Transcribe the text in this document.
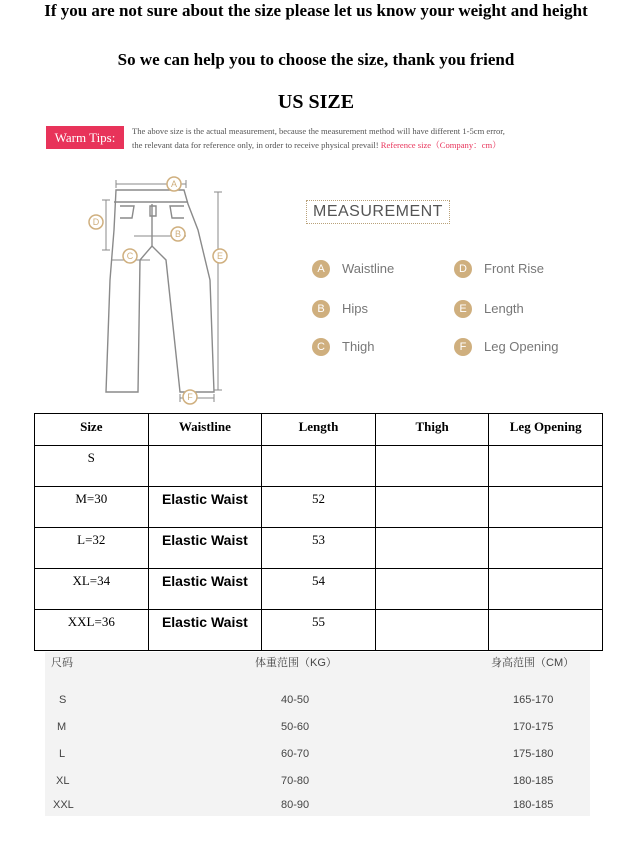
If you are not sure about the size please let us know your weight and height
So we can help you to choose the size, thank you friend
US SIZE
Warm Tips:	The above size is the actual measurement, because the measurement method will have different 1-5cm error,
the relevant data for reference only, in order to receive physical prevail! Reference size（Company：cm）
A
B
C
D
E
F
MEASUREMENT
A	Waistline
B	Hips
C	Thigh
D	Front Rise
E	Length
F	Leg Opening
Size	Waistline	Length	Thigh	Leg Opening
S				
M=30	Elastic Waist	52		
L=32	Elastic Waist	53		
XL=34	Elastic Waist	54		
XXL=36	Elastic Waist	55		
尺码	体重范围（KG）	身高范围（CM）
S	40-50	165-170
M	50-60	170-175
L	60-70	175-180
XL	70-80	180-185
XXL	80-90	180-185
